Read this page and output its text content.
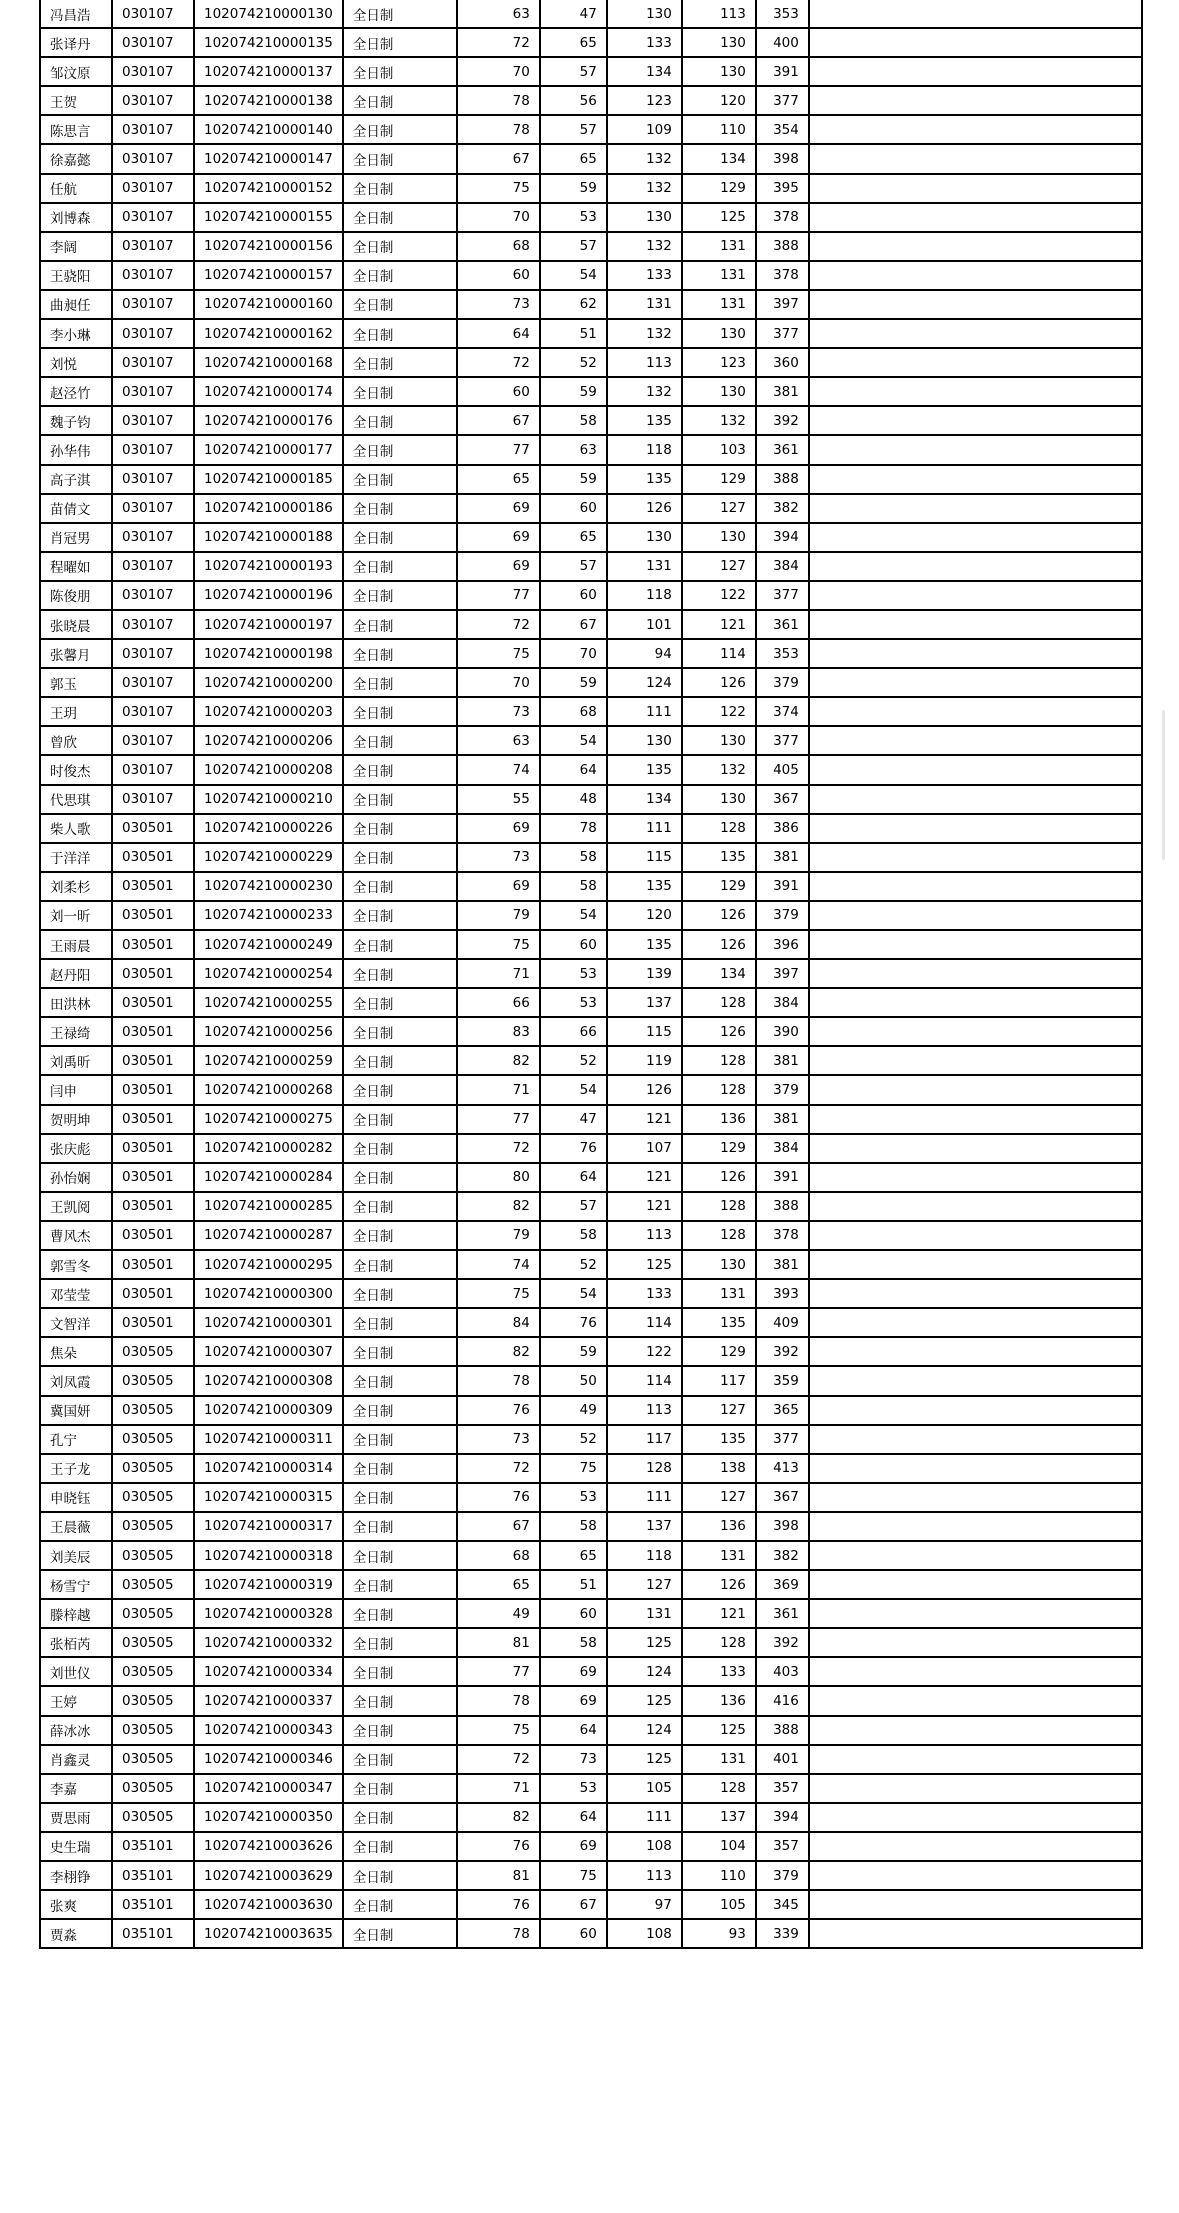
冯昌浩	030107	102074210000130	全日制	63	47	130	113	353	
张译丹	030107	102074210000135	全日制	72	65	133	130	400	
邹汶原	030107	102074210000137	全日制	70	57	134	130	391	
王贺	030107	102074210000138	全日制	78	56	123	120	377	
陈思言	030107	102074210000140	全日制	78	57	109	110	354	
徐嘉懿	030107	102074210000147	全日制	67	65	132	134	398	
任航	030107	102074210000152	全日制	75	59	132	129	395	
刘博森	030107	102074210000155	全日制	70	53	130	125	378	
李阔	030107	102074210000156	全日制	68	57	132	131	388	
王骁阳	030107	102074210000157	全日制	60	54	133	131	378	
曲昶任	030107	102074210000160	全日制	73	62	131	131	397	
李小琳	030107	102074210000162	全日制	64	51	132	130	377	
刘悦	030107	102074210000168	全日制	72	52	113	123	360	
赵泾竹	030107	102074210000174	全日制	60	59	132	130	381	
魏子钧	030107	102074210000176	全日制	67	58	135	132	392	
孙华伟	030107	102074210000177	全日制	77	63	118	103	361	
高子淇	030107	102074210000185	全日制	65	59	135	129	388	
苗倩文	030107	102074210000186	全日制	69	60	126	127	382	
肖冠男	030107	102074210000188	全日制	69	65	130	130	394	
程曜如	030107	102074210000193	全日制	69	57	131	127	384	
陈俊朋	030107	102074210000196	全日制	77	60	118	122	377	
张晓晨	030107	102074210000197	全日制	72	67	101	121	361	
张馨月	030107	102074210000198	全日制	75	70	94	114	353	
郭玉	030107	102074210000200	全日制	70	59	124	126	379	
王玥	030107	102074210000203	全日制	73	68	111	122	374	
曾欣	030107	102074210000206	全日制	63	54	130	130	377	
时俊杰	030107	102074210000208	全日制	74	64	135	132	405	
代思琪	030107	102074210000210	全日制	55	48	134	130	367	
柴人歌	030501	102074210000226	全日制	69	78	111	128	386	
于洋洋	030501	102074210000229	全日制	73	58	115	135	381	
刘柔杉	030501	102074210000230	全日制	69	58	135	129	391	
刘一昕	030501	102074210000233	全日制	79	54	120	126	379	
王雨晨	030501	102074210000249	全日制	75	60	135	126	396	
赵丹阳	030501	102074210000254	全日制	71	53	139	134	397	
田洪林	030501	102074210000255	全日制	66	53	137	128	384	
王禄绮	030501	102074210000256	全日制	83	66	115	126	390	
刘禹昕	030501	102074210000259	全日制	82	52	119	128	381	
闫申	030501	102074210000268	全日制	71	54	126	128	379	
贺明坤	030501	102074210000275	全日制	77	47	121	136	381	
张庆彪	030501	102074210000282	全日制	72	76	107	129	384	
孙怡娴	030501	102074210000284	全日制	80	64	121	126	391	
王凯阅	030501	102074210000285	全日制	82	57	121	128	388	
曹风杰	030501	102074210000287	全日制	79	58	113	128	378	
郭雪冬	030501	102074210000295	全日制	74	52	125	130	381	
邓莹莹	030501	102074210000300	全日制	75	54	133	131	393	
文智洋	030501	102074210000301	全日制	84	76	114	135	409	
焦朵	030505	102074210000307	全日制	82	59	122	129	392	
刘凤霞	030505	102074210000308	全日制	78	50	114	117	359	
冀国妍	030505	102074210000309	全日制	76	49	113	127	365	
孔宁	030505	102074210000311	全日制	73	52	117	135	377	
王子龙	030505	102074210000314	全日制	72	75	128	138	413	
申晓钰	030505	102074210000315	全日制	76	53	111	127	367	
王晨薇	030505	102074210000317	全日制	67	58	137	136	398	
刘美辰	030505	102074210000318	全日制	68	65	118	131	382	
杨雪宁	030505	102074210000319	全日制	65	51	127	126	369	
滕梓越	030505	102074210000328	全日制	49	60	131	121	361	
张栢芮	030505	102074210000332	全日制	81	58	125	128	392	
刘世仪	030505	102074210000334	全日制	77	69	124	133	403	
王婷	030505	102074210000337	全日制	78	69	125	136	416	
薛冰冰	030505	102074210000343	全日制	75	64	124	125	388	
肖鑫灵	030505	102074210000346	全日制	72	73	125	131	401	
李嘉	030505	102074210000347	全日制	71	53	105	128	357	
贾思雨	030505	102074210000350	全日制	82	64	111	137	394	
史生瑞	035101	102074210003626	全日制	76	69	108	104	357	
李栩铮	035101	102074210003629	全日制	81	75	113	110	379	
张爽	035101	102074210003630	全日制	76	67	97	105	345	
贾淼	035101	102074210003635	全日制	78	60	108	93	339	
